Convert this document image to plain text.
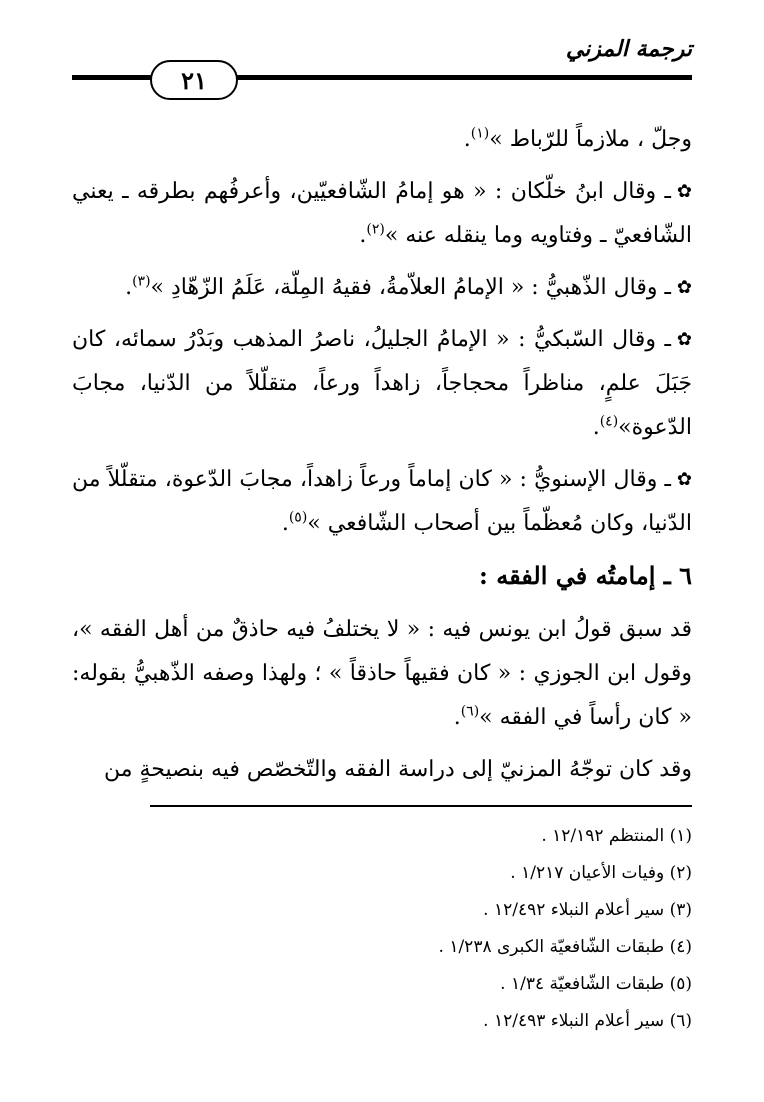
ترجمة المزني
٢١

وجلّ ، ملازماً للرّباط »$^{(١)}$.

✿ـ وقال ابنُ خلّكان : « هو إمامُ الشّافعيّين، وأعرفُهم بطرقه ـ يعني الشّافعيّ ـ وفتاويه وما ينقله عنه »$^{(٢)}$.

✿ـ وقال الذّهبيُّ : « الإمامُ العلاّمةُ، فقيهُ المِلّة، عَلَمُ الزّهّادِ »$^{(٣)}$.

✿ـ وقال السّبكيُّ : « الإمامُ الجليلُ، ناصرُ المذهب وبَدْرُ سمائه، كان جَبَلَ علمٍ، مناظراً محجاجاً، زاهداً ورعاً، متقلّلاً من الدّنيا، مجابَ الدّعوة»$^{(٤)}$.

✿ـ وقال الإسنويُّ : « كان إماماً ورعاً زاهداً، مجابَ الدّعوة، متقلّلاً من الدّنيا، وكان مُعظّماً بين أصحاب الشّافعي »$^{(٥)}$.

٦ ـ إمامتُه في الفقه :

قد سبق قولُ ابن يونس فيه : « لا يختلفُ فيه حاذقٌ من أهل الفقه »، وقول ابن الجوزي : « كان فقيهاً حاذقاً » ؛ ولهذا وصفه الذّهبيُّ بقوله: « كان رأساً في الفقه »$^{(٦)}$.

وقد كان توجّهُ المزنيّ إلى دراسة الفقه والتّخصّص فيه بنصيحةٍ من

(١) المنتظم ١٢/١٩٢ .
(٢) وفيات الأعيان ١/٢١٧ .
(٣) سير أعلام النبلاء ١٢/٤٩٢ .
(٤) طبقات الشّافعيّة الكبرى ١/٢٣٨ .
(٥) طبقات الشّافعيّة ١/٣٤ .
(٦) سير أعلام النبلاء ١٢/٤٩٣ .
